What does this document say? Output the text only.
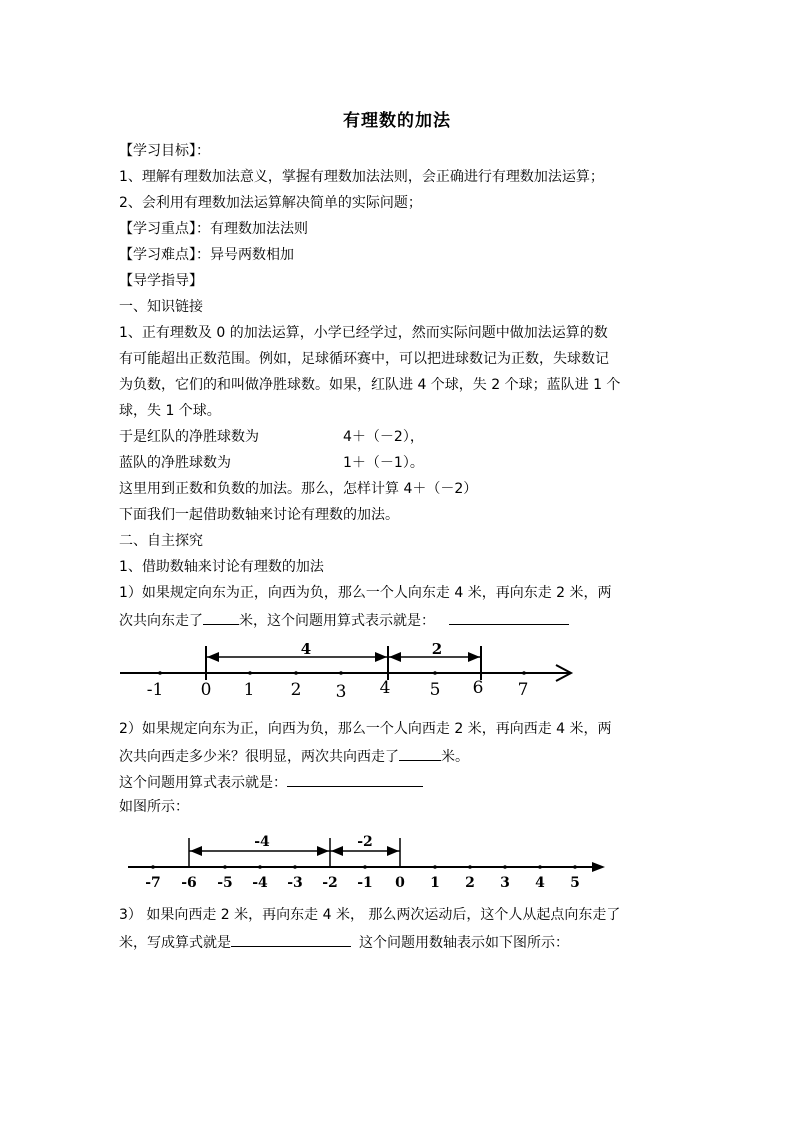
有理数的加法
【学习目标】：
1、理解有理数加法意义，掌握有理数加法法则，会正确进行有理数加法运算；
2、会利用有理数加法运算解决简单的实际问题；
【学习重点】：有理数加法法则
【学习难点】：异号两数相加
【导学指导】
一、知识链接
1、正有理数及 0 的加法运算，小学已经学过，然而实际问题中做加法运算的数
有可能超出正数范围。例如，足球循环赛中，可以把进球数记为正数，失球数记
为负数，它们的和叫做净胜球数。如果，红队进 4 个球，失 2 个球；蓝队进 1 个
球，失 1 个球。
于是红队的净胜球数为	4＋（－2），
蓝队的净胜球数为	1＋（－1）。
这里用到正数和负数的加法。那么，怎样计算 4＋（－2）
下面我们一起借助数轴来讨论有理数的加法。
二、自主探究
1、借助数轴来讨论有理数的加法
1）如果规定向东为正，向西为负，那么一个人向东走 4 米，再向东走 2 米，两
次共向东走了	米，这个问题用算式表示就是：
4	2
-1 0 1 2 3 4 5 6 7
2）如果规定向东为正，向西为负，那么一个人向西走 2 米，再向西走 4 米，两
次共向西走多少米？很明显，两次共向西走了	米。
这个问题用算式表示就是：
如图所示：
-4	-2
-7 -6 -5 -4 -3 -2 -1 0 1 2 3 4 5
3） 如果向西走 2 米，再向东走 4 米， 那么两次运动后，这个人从起点向东走了
米，写成算式就是	这个问题用数轴表示如下图所示：
